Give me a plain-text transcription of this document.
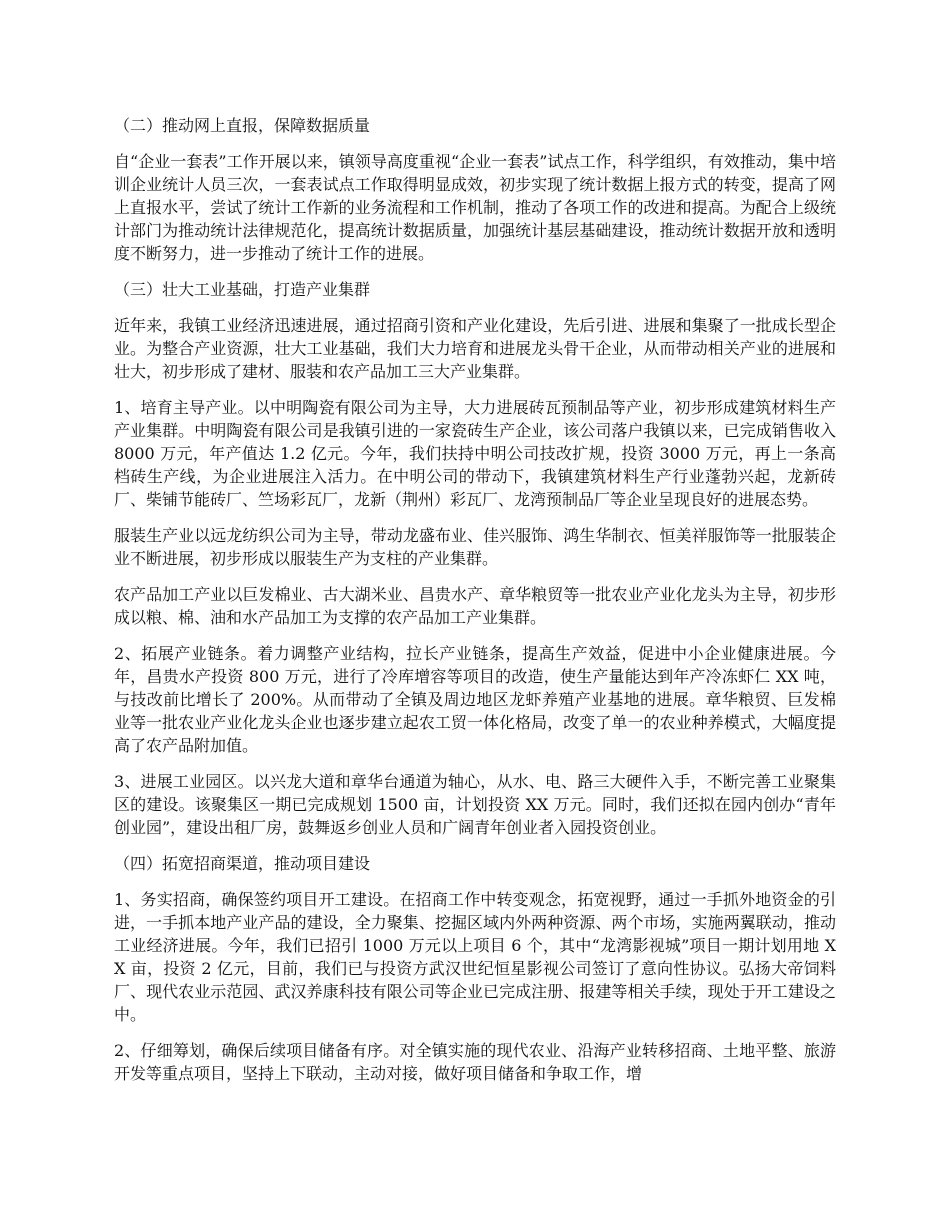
（二）推动网上直报，保障数据质量

自“企业一套表”工作开展以来，镇领导高度重视“企业一套表”试点工作，科学组织，有效推动，集中培训企业统计人员三次，一套表试点工作取得明显成效，初步实现了统计数据上报方式的转变，提高了网上直报水平，尝试了统计工作新的业务流程和工作机制，推动了各项工作的改进和提高。为配合上级统计部门为推动统计法律规范化，提高统计数据质量，加强统计基层基础建设，推动统计数据开放和透明度不断努力，进一步推动了统计工作的进展。

（三）壮大工业基础，打造产业集群

近年来，我镇工业经济迅速进展，通过招商引资和产业化建设，先后引进、进展和集聚了一批成长型企业。为整合产业资源，壮大工业基础，我们大力培育和进展龙头骨干企业，从而带动相关产业的进展和壮大，初步形成了建材、服装和农产品加工三大产业集群。

1、培育主导产业。以中明陶瓷有限公司为主导，大力进展砖瓦预制品等产业，初步形成建筑材料生产产业集群。中明陶瓷有限公司是我镇引进的一家瓷砖生产企业，该公司落户我镇以来，已完成销售收入 8000 万元，年产值达 1.2 亿元。今年，我们扶持中明公司技改扩规，投资 3000 万元，再上一条高档砖生产线，为企业进展注入活力。在中明公司的带动下，我镇建筑材料生产行业蓬勃兴起，龙新砖厂、柴铺节能砖厂、竺场彩瓦厂，龙新（荆州）彩瓦厂、龙湾预制品厂等企业呈现良好的进展态势。

服装生产业以远龙纺织公司为主导，带动龙盛布业、佳兴服饰、鸿生华制衣、恒美祥服饰等一批服装企业不断进展，初步形成以服装生产为支柱的产业集群。

农产品加工产业以巨发棉业、古大湖米业、昌贵水产、章华粮贸等一批农业产业化龙头为主导，初步形成以粮、棉、油和水产品加工为支撑的农产品加工产业集群。

2、拓展产业链条。着力调整产业结构，拉长产业链条，提高生产效益，促进中小企业健康进展。今年，昌贵水产投资 800 万元，进行了冷库增容等项目的改造，使生产量能达到年产冷冻虾仁 XX 吨，与技改前比增长了 200%。从而带动了全镇及周边地区龙虾养殖产业基地的进展。章华粮贸、巨发棉业等一批农业产业化龙头企业也逐步建立起农工贸一体化格局，改变了单一的农业种养模式，大幅度提高了农产品附加值。

3、进展工业园区。以兴龙大道和章华台通道为轴心，从水、电、路三大硬件入手，不断完善工业聚集区的建设。该聚集区一期已完成规划 1500 亩，计划投资 XX 万元。同时，我们还拟在园内创办“青年创业园”，建设出租厂房，鼓舞返乡创业人员和广阔青年创业者入园投资创业。

（四）拓宽招商渠道，推动项目建设

1、务实招商，确保签约项目开工建设。在招商工作中转变观念，拓宽视野，通过一手抓外地资金的引进，一手抓本地产业产品的建设，全力聚集、挖掘区域内外两种资源、两个市场，实施两翼联动，推动工业经济进展。今年，我们已招引 1000 万元以上项目 6 个，其中“龙湾影视城”项目一期计划用地 XX 亩，投资 2 亿元，目前，我们已与投资方武汉世纪恒星影视公司签订了意向性协议。弘扬大帝饲料厂、现代农业示范园、武汉养康科技有限公司等企业已完成注册、报建等相关手续，现处于开工建设之中。

2、仔细筹划，确保后续项目储备有序。对全镇实施的现代农业、沿海产业转移招商、土地平整、旅游开发等重点项目，坚持上下联动，主动对接，做好项目储备和争取工作，增
